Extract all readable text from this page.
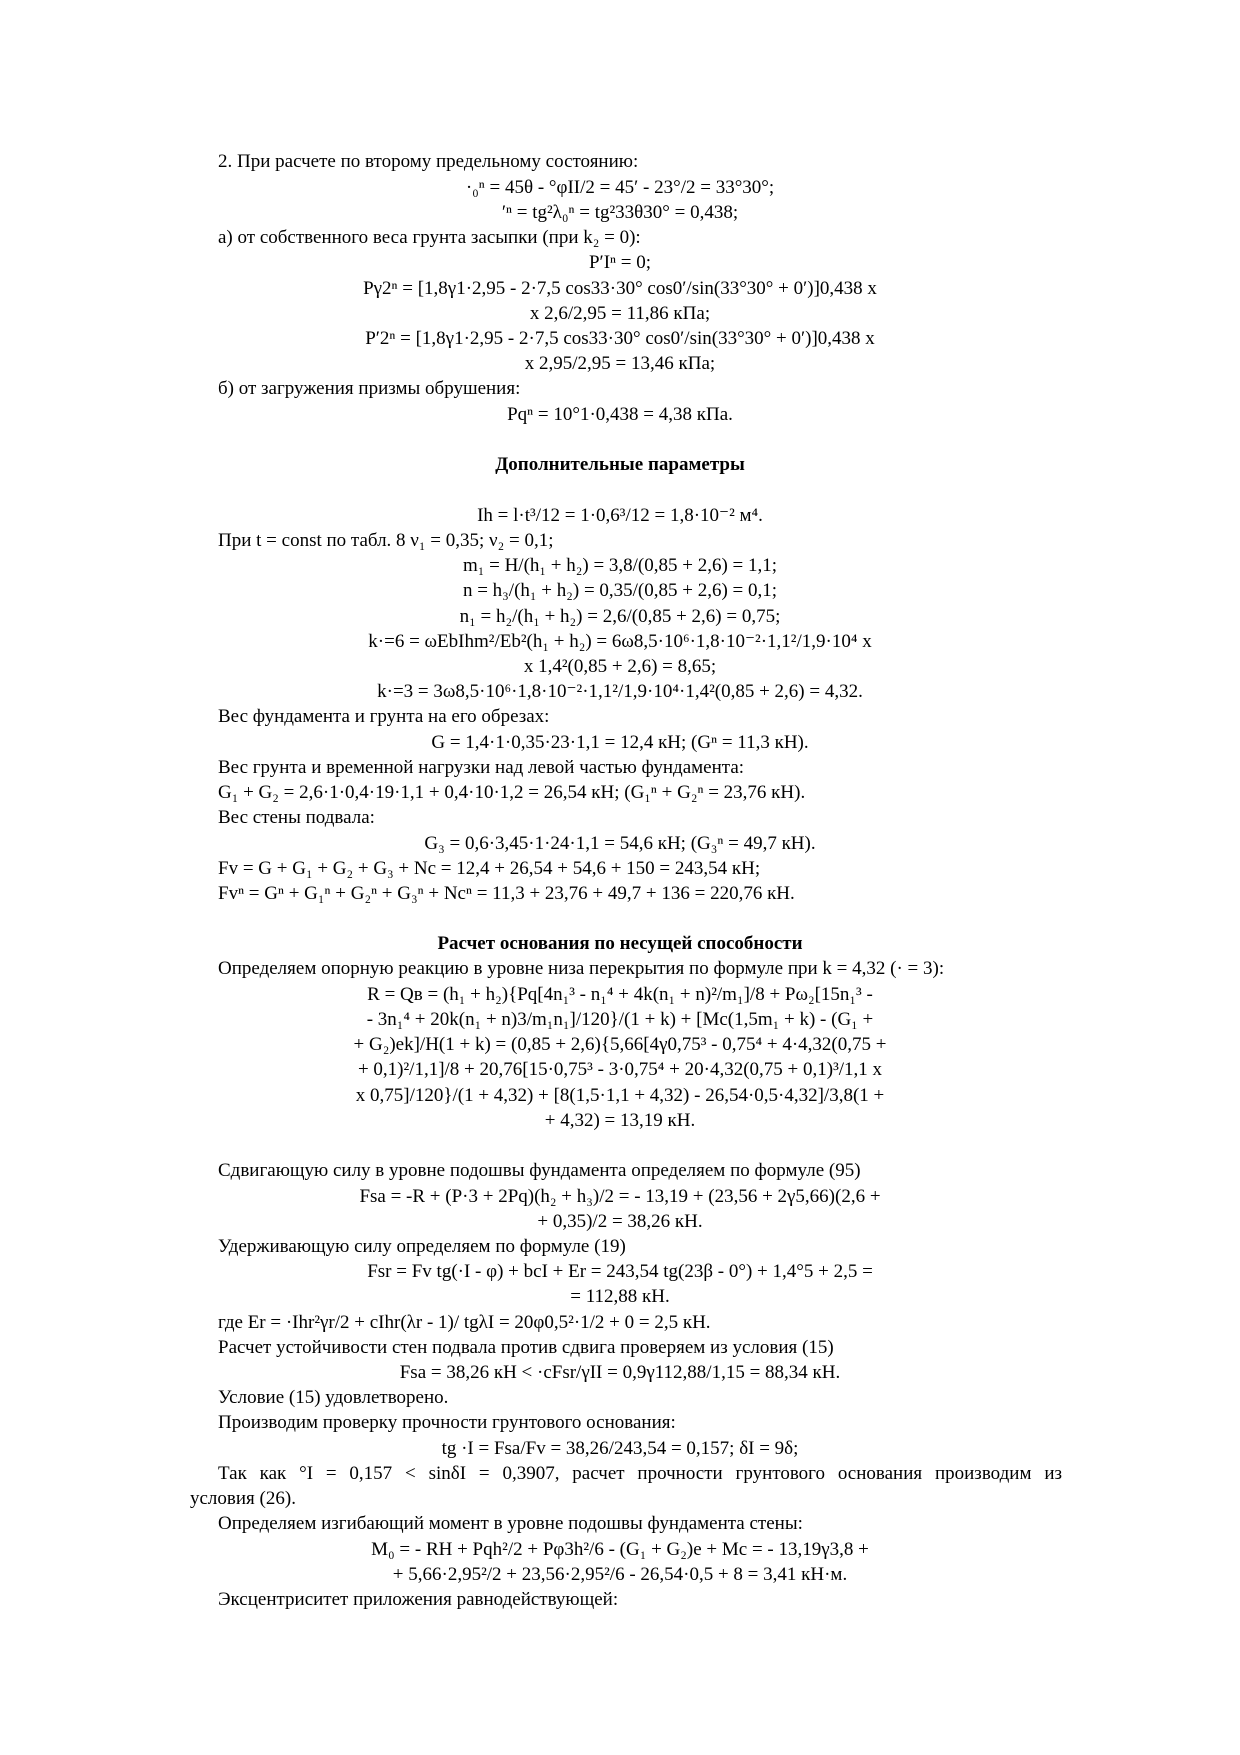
2. При расчете по второму предельному состоянию:
·₀ⁿ = 45θ - °φII/2 = 45′ - 23°/2 = 33°30°;
′ⁿ = tg²λ₀ⁿ = tg²33θ30° = 0,438;
а) от собственного веса грунта засыпки (при k₂ = 0):
P′Iⁿ = 0;
Pγ2ⁿ = [1,8γ1·2,95 - 2·7,5 cos33·30° cos0′/sin(33°30° + 0′)]0,438 x
x 2,6/2,95 = 11,86 кПа;
P′2ⁿ = [1,8γ1·2,95 - 2·7,5 cos33·30° cos0′/sin(33°30° + 0′)]0,438 x
x 2,95/2,95 = 13,46 кПа;
б) от загружения призмы обрушения:
Pqⁿ = 10°1·0,438 = 4,38 кПа.
Дополнительные параметры
Ih = l·t³/12 = 1·0,6³/12 = 1,8·10⁻² м⁴.
При t = const по табл. 8 ν₁ = 0,35; ν₂ = 0,1;
m₁ = H/(h₁ + h₂) = 3,8/(0,85 + 2,6) = 1,1;
n = h₃/(h₁ + h₂) = 0,35/(0,85 + 2,6) = 0,1;
n₁ = h₂/(h₁ + h₂) = 2,6/(0,85 + 2,6) = 0,75;
k·=6 = ωEbIhm²/Eb²(h₁ + h₂) = 6ω8,5·10⁶·1,8·10⁻²·1,1²/1,9·10⁴ x
x 1,4²(0,85 + 2,6) = 8,65;
k·=3 = 3ω8,5·10⁶·1,8·10⁻²·1,1²/1,9·10⁴·1,4²(0,85 + 2,6) = 4,32.
Вес фундамента и грунта на его обрезах:
G = 1,4·1·0,35·23·1,1 = 12,4 кН; (Gⁿ = 11,3 кН).
Вес грунта и временной нагрузки над левой частью фундамента:
G₁ + G₂ = 2,6·1·0,4·19·1,1 + 0,4·10·1,2 = 26,54 кН; (G₁ⁿ + G₂ⁿ = 23,76 кН).
Вес стены подвала:
G₃ = 0,6·3,45·1·24·1,1 = 54,6 кН; (G₃ⁿ = 49,7 кН).
Fv = G + G₁ + G₂ + G₃ + Nc = 12,4 + 26,54 + 54,6 + 150 = 243,54 кН;
Fvⁿ = Gⁿ + G₁ⁿ + G₂ⁿ + G₃ⁿ + Ncⁿ = 11,3 + 23,76 + 49,7 + 136 = 220,76 кН.
Расчет основания по несущей способности
Определяем опорную реакцию в уровне низа перекрытия по формуле при k = 4,32 (· = 3):
R = Qв = (h₁ + h₂){Pq[4n₁³ - n₁⁴ + 4k(n₁ + n)²/m₁]/8 + Pω₂[15n₁³ -
- 3n₁⁴ + 20k(n₁ + n)3/m₁n₁]/120}/(1 + k) + [Mc(1,5m₁ + k) - (G₁ +
+ G₂)ek]/H(1 + k) = (0,85 + 2,6){5,66[4γ0,75³ - 0,75⁴ + 4·4,32(0,75 +
+ 0,1)²/1,1]/8 + 20,76[15·0,75³ - 3·0,75⁴ + 20·4,32(0,75 + 0,1)³/1,1 x
x 0,75]/120}/(1 + 4,32) + [8(1,5·1,1 + 4,32) - 26,54·0,5·4,32]/3,8(1 +
+ 4,32) = 13,19 кН.
Сдвигающую силу в уровне подошвы фундамента определяем по формуле (95)
Fsa = -R + (P·3 + 2Pq)(h₂ + h₃)/2 = - 13,19 + (23,56 + 2γ5,66)(2,6 +
+ 0,35)/2 = 38,26 кН.
Удерживающую силу определяем по формуле (19)
Fsr = Fv tg(·I - φ) + bcI + Er = 243,54 tg(23β - 0°) + 1,4°5 + 2,5 =
= 112,88 кН.
где Er = ·Ihr²γr/2 + cIhr(λr - 1)/ tgλI = 20φ0,5²·1/2 + 0 = 2,5 кН.
Расчет устойчивости стен подвала против сдвига проверяем из условия (15)
Fsa = 38,26 кН < ·cFsr/γII = 0,9γ112,88/1,15 = 88,34 кН.
Условие (15) удовлетворено.
Производим проверку прочности грунтового основания:
tg ·I = Fsa/Fv = 38,26/243,54 = 0,157; δI = 9δ;
Так как °I = 0,157 < sinδI = 0,3907, расчет прочности грунтового основания производим из
условия (26).
Определяем изгибающий момент в уровне подошвы фундамента стены:
M₀ = - RH + Pqh²/2 + Pφ3h²/6 - (G₁ + G₂)e + Mc = - 13,19γ3,8 +
+ 5,66·2,95²/2 + 23,56·2,95²/6 - 26,54·0,5 + 8 = 3,41 кН·м.
Эксцентриситет приложения равнодействующей:
